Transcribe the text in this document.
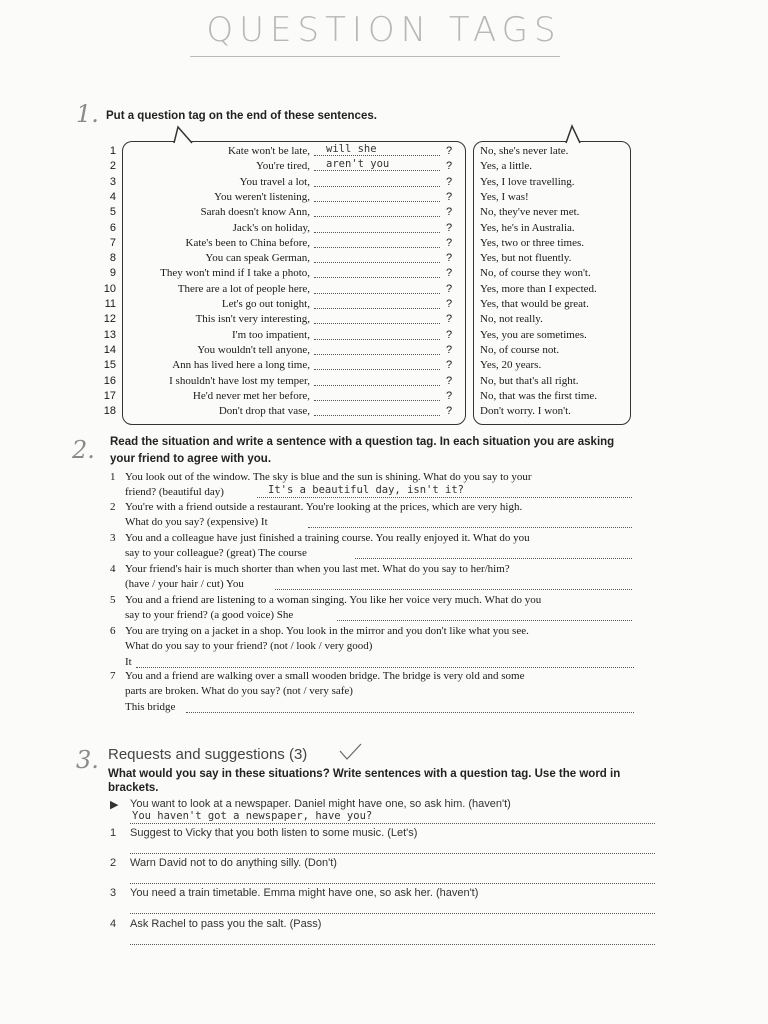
QUESTION TAGS
1. Put a question tag on the end of these sentences.
1	Kate won't be late, will she	?	No, she's never late.
2	You're tired, aren't you	?	Yes, a little.
3	You travel a lot,	?	Yes, I love travelling.
4	You weren't listening,	?	Yes, I was!
5	Sarah doesn't know Ann,	?	No, they've never met.
6	Jack's on holiday,	?	Yes, he's in Australia.
7	Kate's been to China before,	?	Yes, two or three times.
8	You can speak German,	?	Yes, but not fluently.
9	They won't mind if I take a photo,	?	No, of course they won't.
10	There are a lot of people here,	?	Yes, more than I expected.
11	Let's go out tonight,	?	Yes, that would be great.
12	This isn't very interesting,	?	No, not really.
13	I'm too impatient,	?	Yes, you are sometimes.
14	You wouldn't tell anyone,	?	No, of course not.
15	Ann has lived here a long time,	?	Yes, 20 years.
16	I shouldn't have lost my temper,	?	No, but that's all right.
17	He'd never met her before,	?	No, that was the first time.
18	Don't drop that vase,	?	Don't worry. I won't.
2. Read the situation and write a sentence with a question tag. In each situation you are asking
your friend to agree with you.
1 You look out of the window. The sky is blue and the sun is shining. What do you say to your
friend? (beautiful day)	It's a beautiful day, isn't it?
2 You're with a friend outside a restaurant. You're looking at the prices, which are very high.
What do you say? (expensive) It
3 You and a colleague have just finished a training course. You really enjoyed it. What do you
say to your colleague? (great) The course
4 Your friend's hair is much shorter than when you last met. What do you say to her/him?
(have / your hair / cut) You
5 You and a friend are listening to a woman singing. You like her voice very much. What do you
say to your friend? (a good voice) She
6 You are trying on a jacket in a shop. You look in the mirror and you don't like what you see.
What do you say to your friend? (not / look / very good)
It
7 You and a friend are walking over a small wooden bridge. The bridge is very old and some
parts are broken. What do you say? (not / very safe)
This bridge
3. Requests and suggestions (3)
What would you say in these situations? Write sentences with a question tag. Use the word in
brackets.
▶ You want to look at a newspaper. Daniel might have one, so ask him. (haven't)
You haven't got a newspaper, have you?
1 Suggest to Vicky that you both listen to some music. (Let's)
2 Warn David not to do anything silly. (Don't)
3 You need a train timetable. Emma might have one, so ask her. (haven't)
4 Ask Rachel to pass you the salt. (Pass)
